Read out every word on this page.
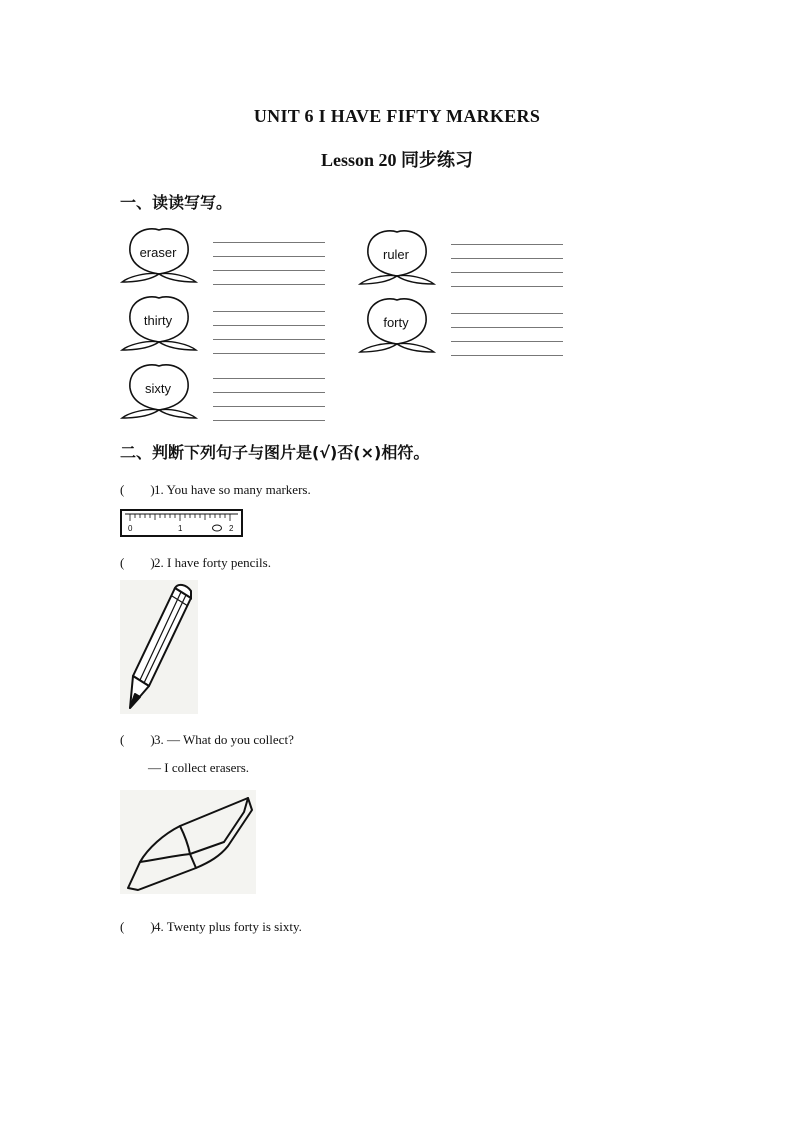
UNIT 6 I HAVE FIFTY MARKERS
Lesson 20 同步练习
一、读读写写。
eraser	ruler
thirty	forty
sixty
二、判断下列句子与图片是(√)否(×)相符。
(　　)1. You have so many markers.
0	1	2
(　　)2. I have forty pencils.
(　　)3. — What do you collect?
— I collect erasers.
(　　)4. Twenty plus forty is sixty.
